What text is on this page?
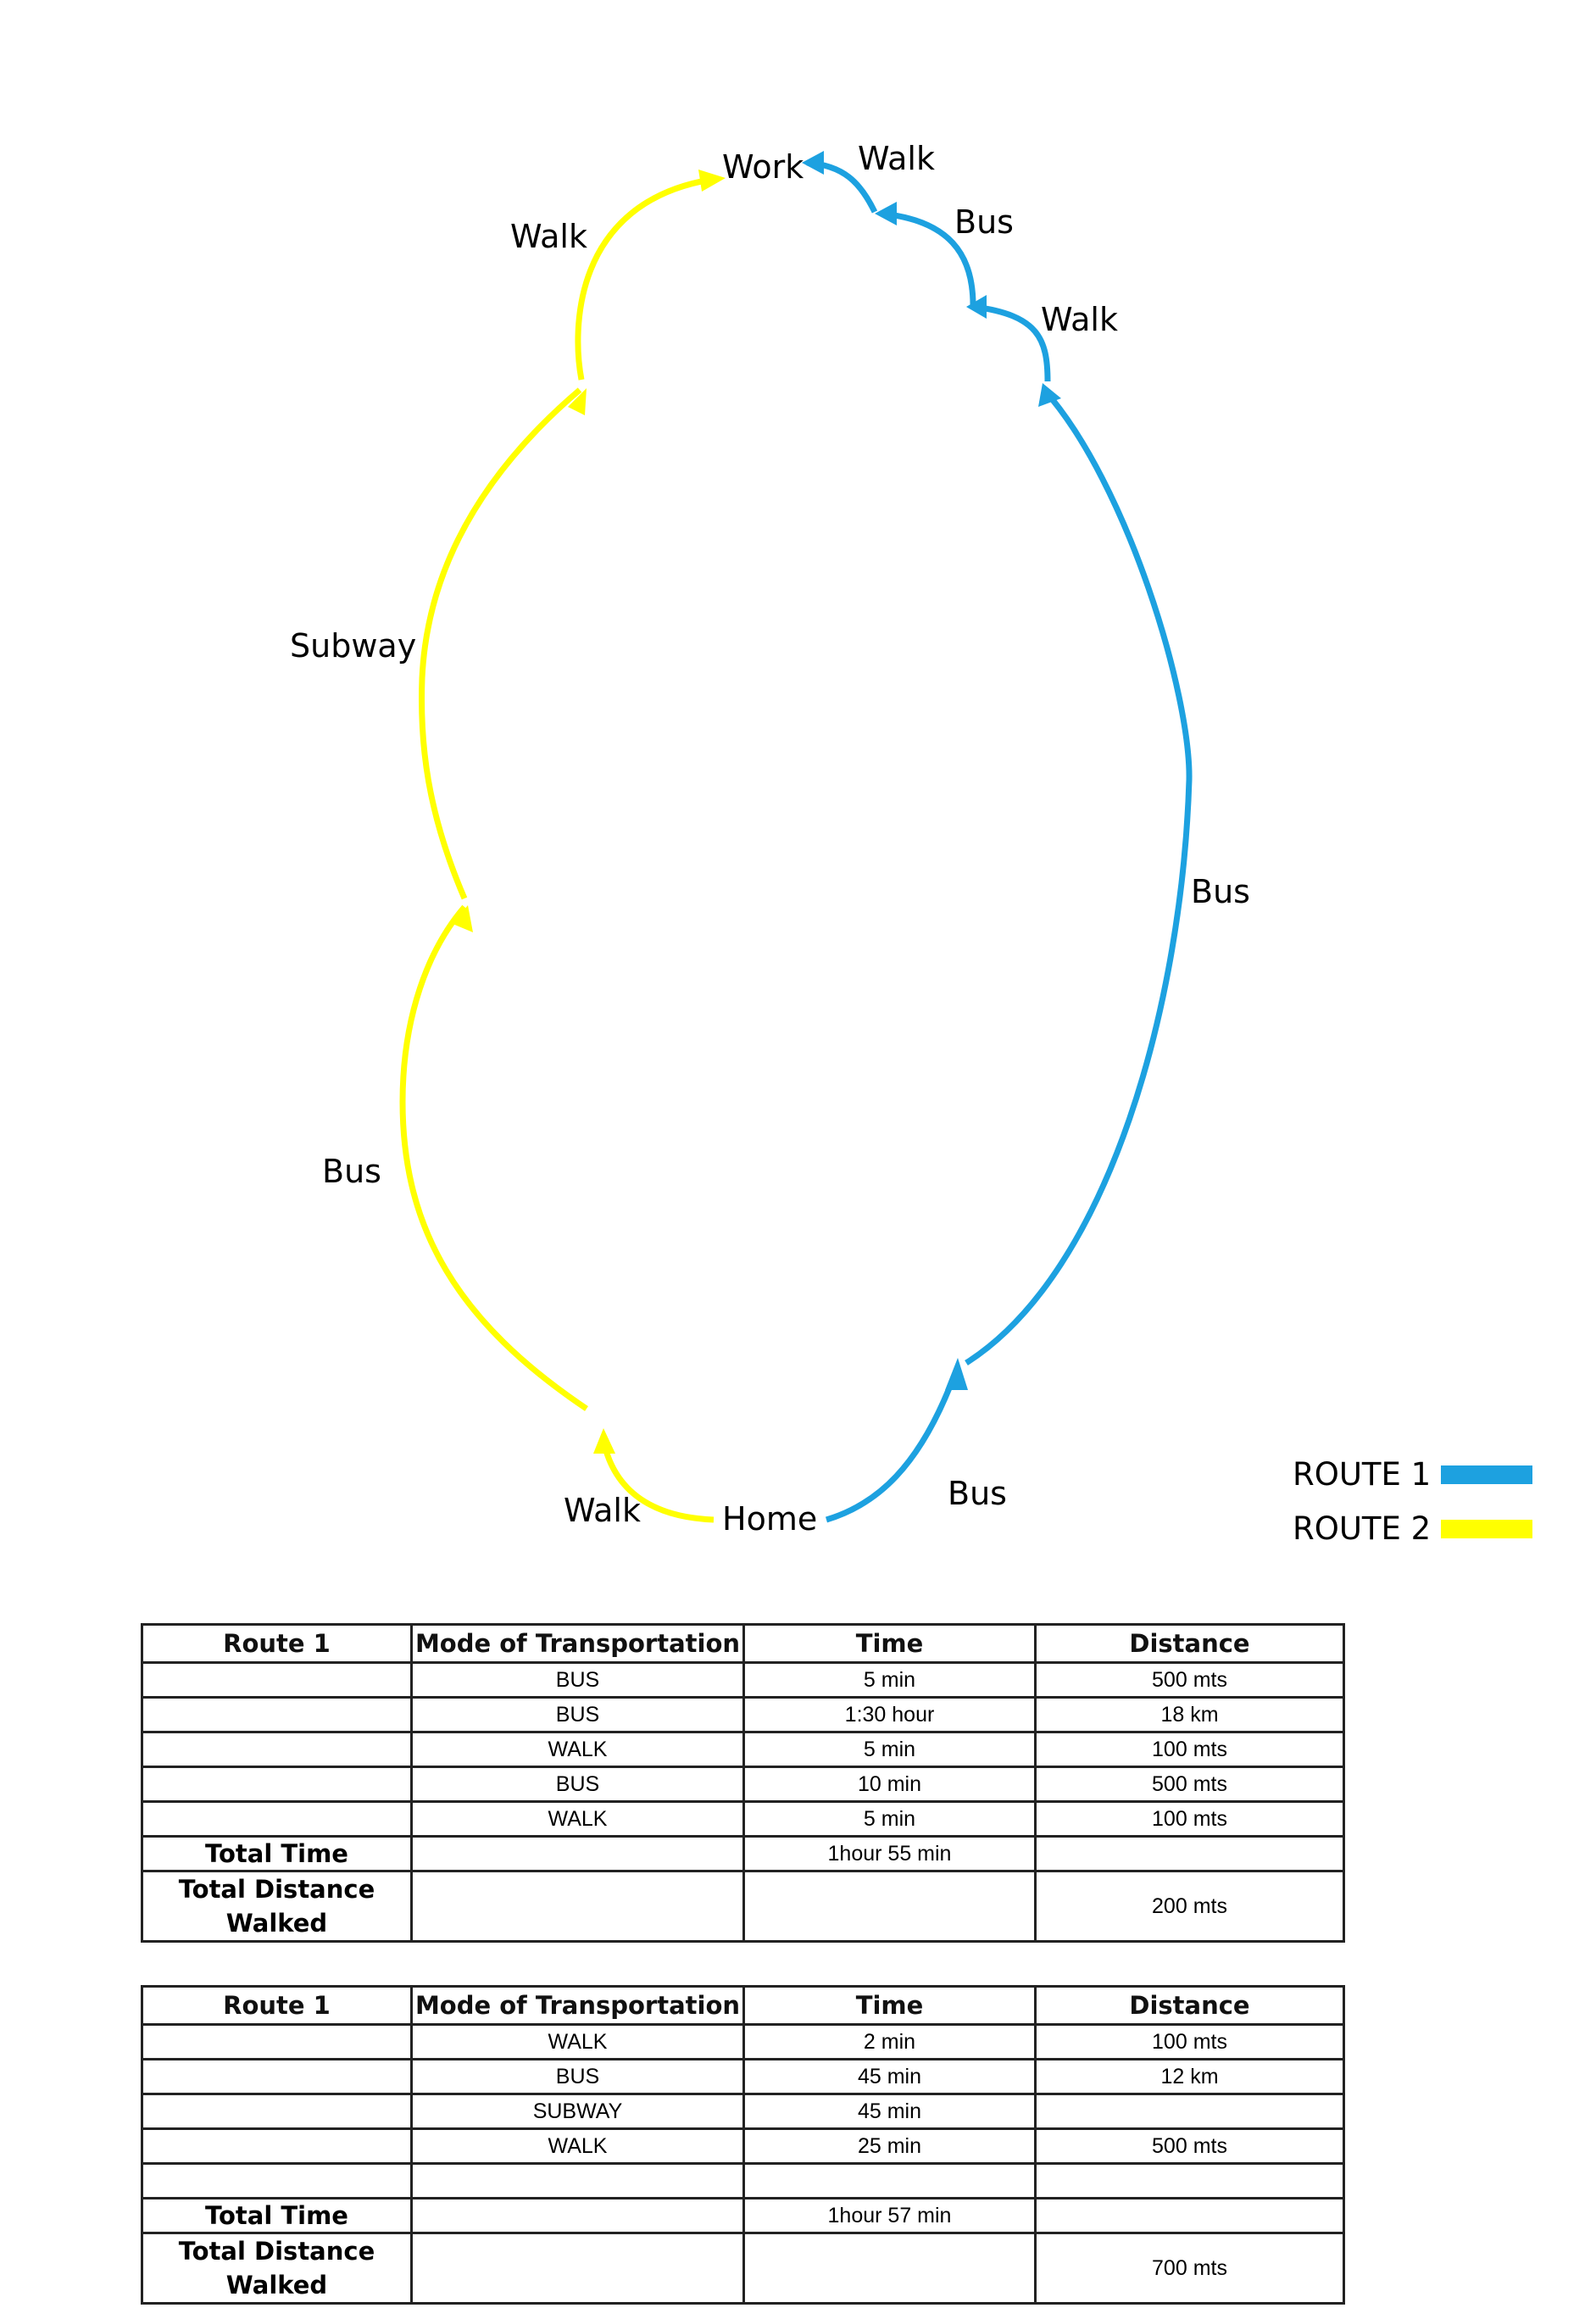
Work
Home
Bus
Bus
Walk
Bus
Walk
Walk
Bus
Subway
Walk
ROUTE 1
ROUTE 2
Route 1	Mode of Transportation	Time	Distance
	BUS	5 min	500 mts
	BUS	1:30 hour	18 km
	WALK	5 min	100 mts
	BUS	10 min	500 mts
	WALK	5 min	100 mts
Total Time		1hour 55 min	

Total Distance
Walked			200 mts
Route 1	Mode of Transportation	Time	Distance
	WALK	2 min	100 mts
	BUS	45 min	12 km
	SUBWAY	45 min	
	WALK	25 min	500 mts

Total Time		1hour 57 min	

Total Distance
Walked			700 mts
